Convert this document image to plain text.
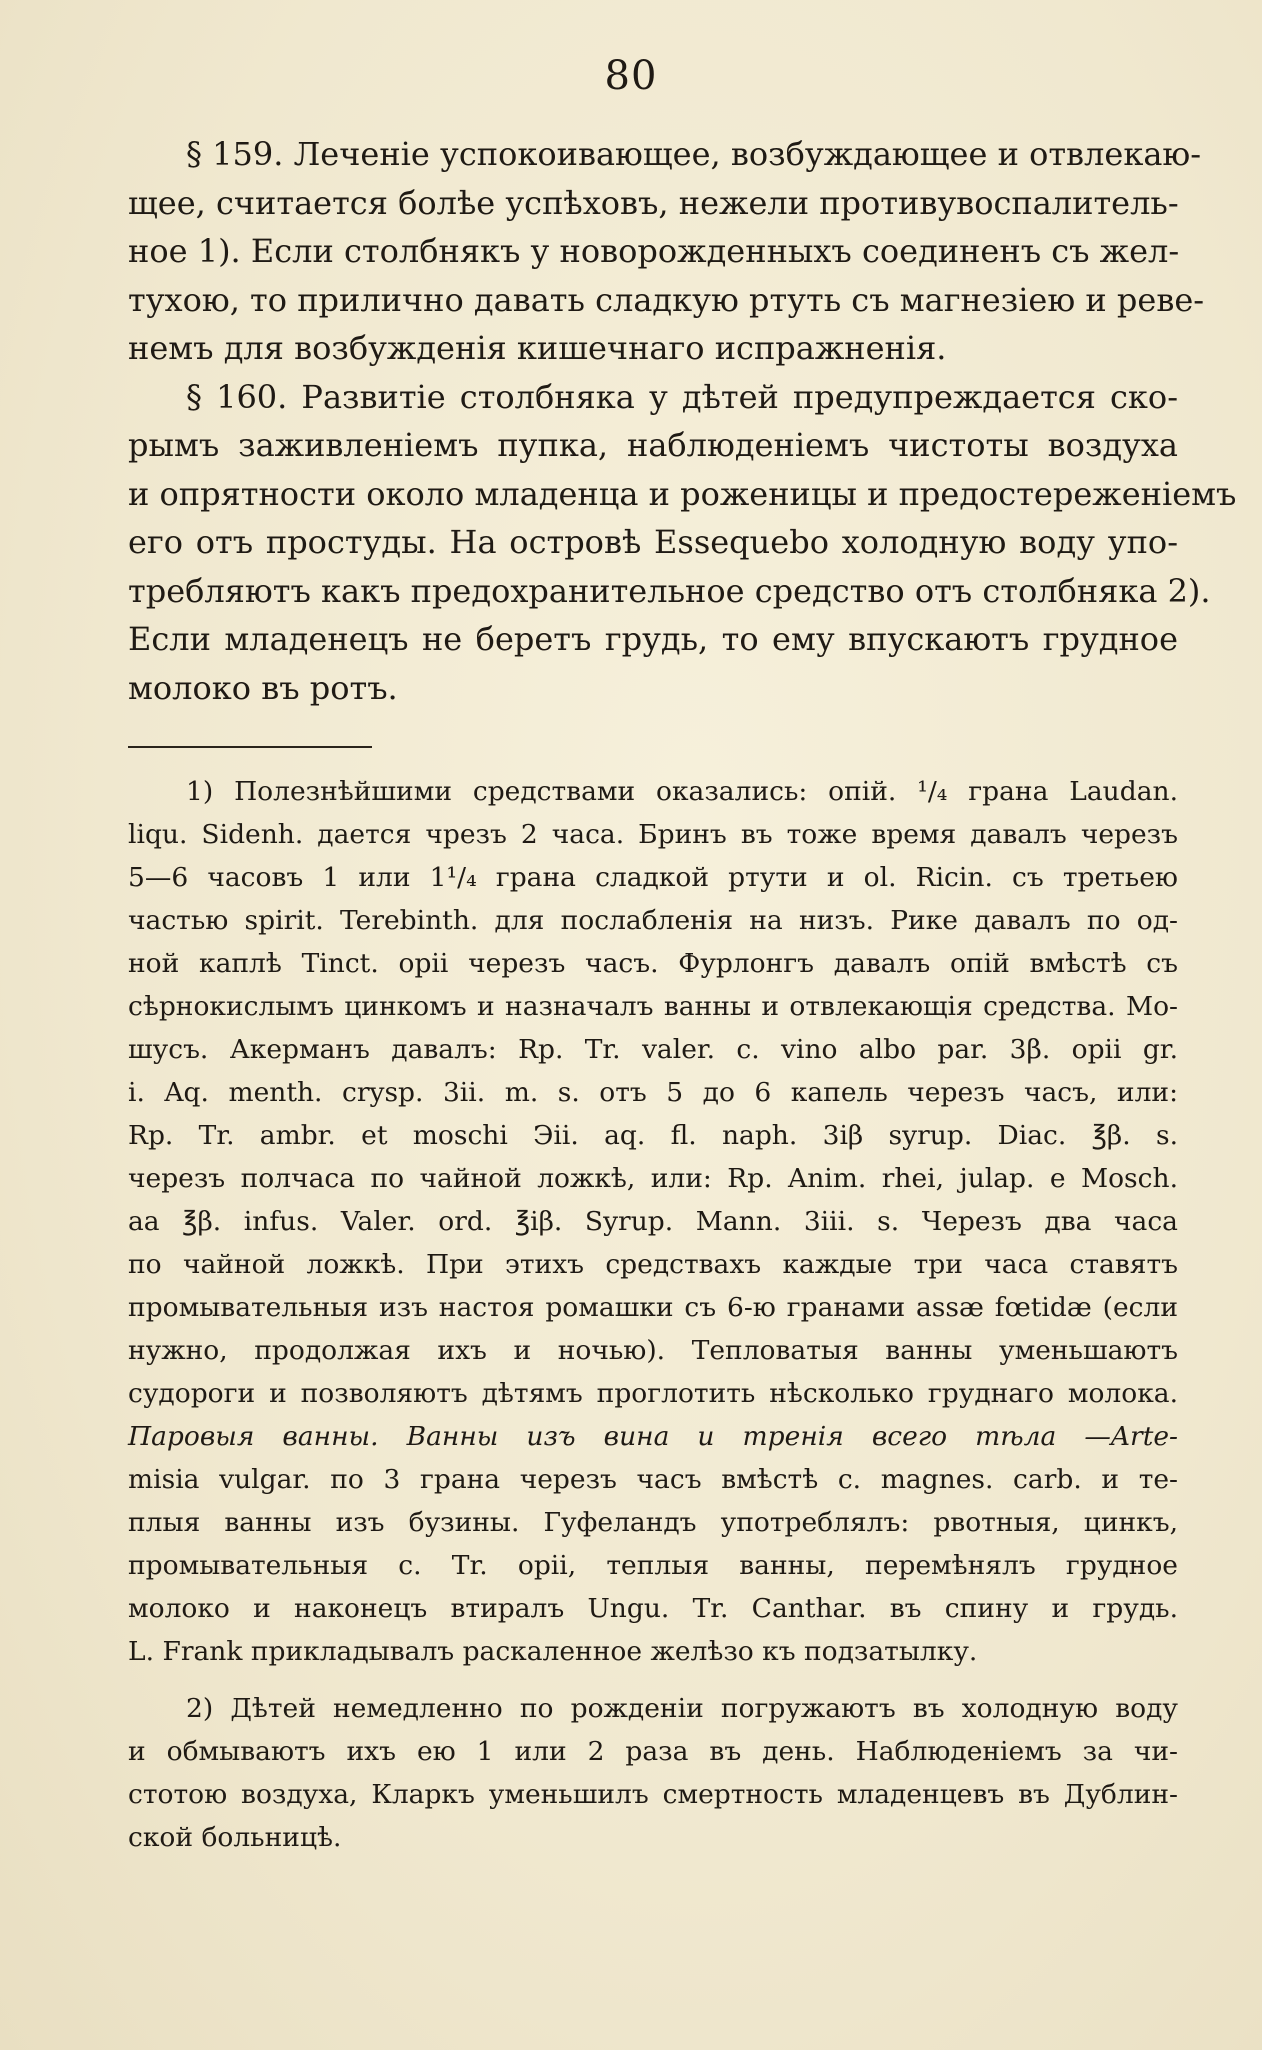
80
§ 159. Леченіе успокоивающее, возбуждающее и отвлекаю-
щее, считается болѣе успѣховъ, нежели противувоспалитель-
ное 1). Если столбнякъ у новорожденныхъ соединенъ съ жел-
тухою, то прилично давать сладкую ртуть съ магнезіею и реве-
немъ для возбужденія кишечнаго испражненія.
§ 160. Развитіе столбняка у дѣтей предупреждается ско-
рымъ заживленіемъ пупка, наблюденіемъ чистоты воздуха
и опрятности около младенца и роженицы и предостереженіемъ
его отъ простуды. На островѣ Essequebo холодную воду упо-
требляютъ какъ предохранительное средство отъ столбняка 2).
Если младенецъ не беретъ грудь, то ему впускаютъ грудное
молоко въ ротъ.
1) Полезнѣйшими средствами оказались: опій. ¹/₄ грана Laudan.
liqu. Sidenh. дается чрезъ 2 часа. Бринъ въ тоже время давалъ черезъ
5—6 часовъ 1 или 1¹/₄ грана сладкой ртути и ol. Ricin. съ третьею
частью spirit. Terebinth. для послабленія на низъ. Рике давалъ по од-
ной каплѣ Tinct. opii черезъ часъ. Фурлонгъ давалъ опій вмѣстѣ съ
сѣрнокислымъ цинкомъ и назначалъ ванны и отвлекающія средства. Мо-
шусъ. Акерманъ давалъ: Rp. Tr. valer. c. vino albo par. 3β. opii gr.
i. Aq. menth. crysp. 3ii. m. s. отъ 5 до 6 капель черезъ часъ, или:
Rp. Tr. ambr. et moschi Эii. aq. fl. naph. 3iβ syrup. Diac. ℥β. s.
черезъ полчаса по чайной ложкѣ, или: Rp. Anim. rhei, julap. e Mosch.
aa ℥β. infus. Valer. ord. ℥iβ. Syrup. Mann. 3iii. s. Черезъ два часа
по чайной ложкѣ. При этихъ средствахъ каждые три часа ставятъ
промывательныя изъ настоя ромашки съ 6-ю гранами assæ fœtidæ (если
нужно, продолжая ихъ и ночью). Тепловатыя ванны уменьшаютъ
судороги и позволяютъ дѣтямъ проглотить нѣсколько груднаго молока.
Паровыя ванны. Ванны изъ вина и тренія всего тѣла —Arte-
misia vulgar. по 3 грана черезъ часъ вмѣстѣ с. magnes. carb. и те-
плыя ванны изъ бузины. Гуфеландъ употреблялъ: рвотныя, цинкъ,
промывательныя с. Tr. opii, теплыя ванны, перемѣнялъ грудное
молоко и наконецъ втиралъ Ungu. Tr. Canthar. въ спину и грудь.
L. Frank прикладывалъ раскаленное желѣзо къ подзатылку.
2) Дѣтей немедленно по рожденіи погружаютъ въ холодную воду
и обмываютъ ихъ ею 1 или 2 раза въ день. Наблюденіемъ за чи-
стотою воздуха, Кларкъ уменьшилъ смертность младенцевъ въ Дублин-
ской больницѣ.
